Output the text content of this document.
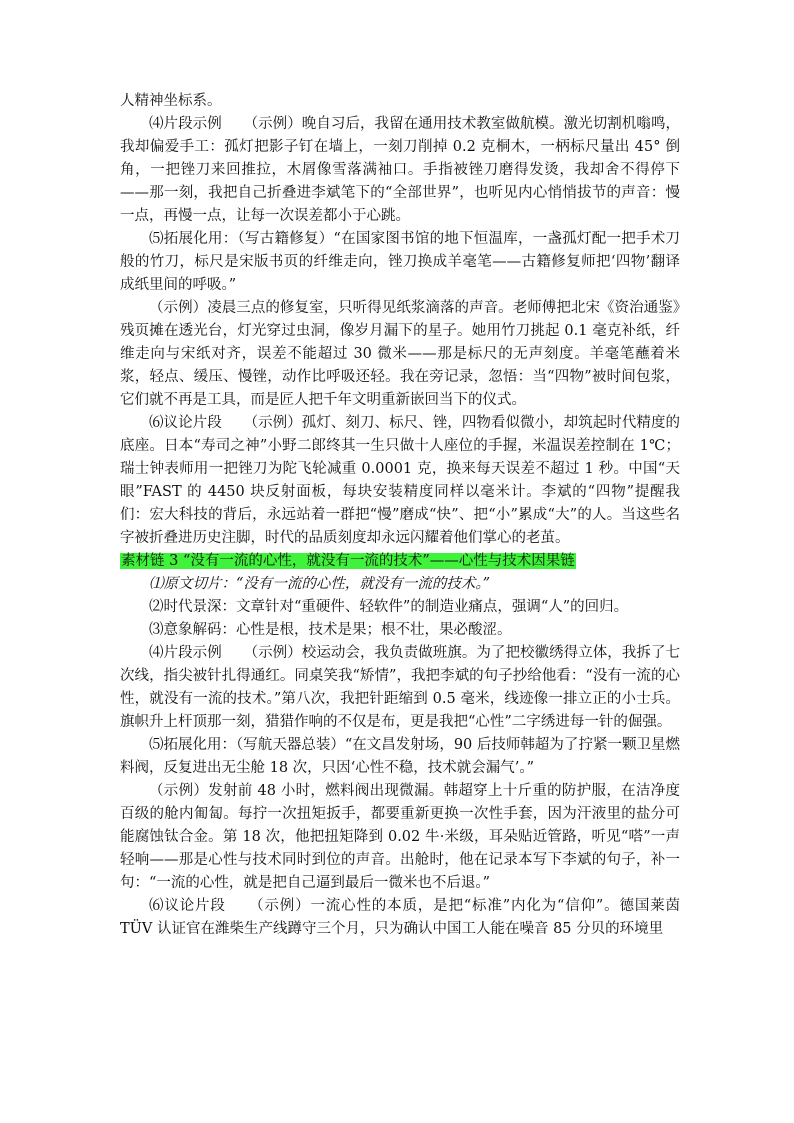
人精神坐标系。

⑷片段示例　　（示例）晚自习后，我留在通用技术教室做航模。激光切割机嗡鸣，我却偏爱手工：孤灯把影子钉在墙上，一刻刀削掉 0.2 克桐木，一柄标尺量出 45° 倒角，一把锉刀来回推拉，木屑像雪落满袖口。手指被锉刀磨得发烫，我却舍不得停下——那一刻，我把自己折叠进李斌笔下的“全部世界”，也听见内心悄悄拔节的声音：慢一点，再慢一点，让每一次误差都小于心跳。

⑸拓展化用：（写古籍修复）“在国家图书馆的地下恒温库，一盏孤灯配一把手术刀般的竹刀，标尺是宋版书页的纤维走向，锉刀换成羊毫笔——古籍修复师把‘四物’翻译成纸里间的呼吸。”

（示例）凌晨三点的修复室，只听得见纸浆滴落的声音。老师傅把北宋《资治通鉴》残页摊在透光台，灯光穿过虫洞，像岁月漏下的星子。她用竹刀挑起 0.1 毫克补纸，纤维走向与宋纸对齐，误差不能超过 30 微米——那是标尺的无声刻度。羊毫笔蘸着米浆，轻点、缓压、慢锉，动作比呼吸还轻。我在旁记录，忽悟：当“四物”被时间包浆，它们就不再是工具，而是匠人把千年文明重新嵌回当下的仪式。

⑹议论片段　　（示例）孤灯、刻刀、标尺、锉，四物看似微小，却筑起时代精度的底座。日本“寿司之神”小野二郎终其一生只做十人座位的手握，米温误差控制在 1℃；瑞士钟表师用一把锉刀为陀飞轮减重 0.0001 克，换来每天误差不超过 1 秒。中国“天眼”FAST 的 4450 块反射面板，每块安装精度同样以毫米计。李斌的“四物”提醒我们：宏大科技的背后，永远站着一群把“慢”磨成“快”、把“小”累成“大”的人。当这些名字被折叠进历史注脚，时代的品质刻度却永远闪耀着他们掌心的老茧。

素材链 3 “没有一流的心性，就没有一流的技术”——心性与技术因果链

⑴原文切片：“没有一流的心性，就没有一流的技术。”

⑵时代景深：文章针对“重硬件、轻软件”的制造业痛点，强调“人”的回归。

⑶意象解码：心性是根，技术是果；根不壮，果必酸涩。

⑷片段示例　　（示例）校运动会，我负责做班旗。为了把校徽绣得立体，我拆了七次线，指尖被针扎得通红。同桌笑我“矫情”，我把李斌的句子抄给他看：“没有一流的心性，就没有一流的技术。”第八次，我把针距缩到 0.5 毫米，线迹像一排立正的小士兵。旗帜升上杆顶那一刻，猎猎作响的不仅是布，更是我把“心性”二字绣进每一针的倔强。

⑸拓展化用：（写航天器总装）“在文昌发射场，90 后技师韩超为了拧紧一颗卫星燃料阀，反复进出无尘舱 18 次，只因‘心性不稳，技术就会漏气’。”

（示例）发射前 48 小时，燃料阀出现微漏。韩超穿上十斤重的防护服，在洁净度百级的舱内匍匐。每拧一次扭矩扳手，都要重新更换一次性手套，因为汗液里的盐分可能腐蚀钛合金。第 18 次，他把扭矩降到 0.02 牛·米级，耳朵贴近管路，听见“嗒”一声轻响——那是心性与技术同时到位的声音。出舱时，他在记录本写下李斌的句子，补一句：“一流的心性，就是把自己逼到最后一微米也不后退。”

⑹议论片段　　（示例）一流心性的本质，是把“标准”内化为“信仰”。德国莱茵 TÜV 认证官在潍柴生产线蹲守三个月，只为确认中国工人能在噪音 85 分贝的环境里
